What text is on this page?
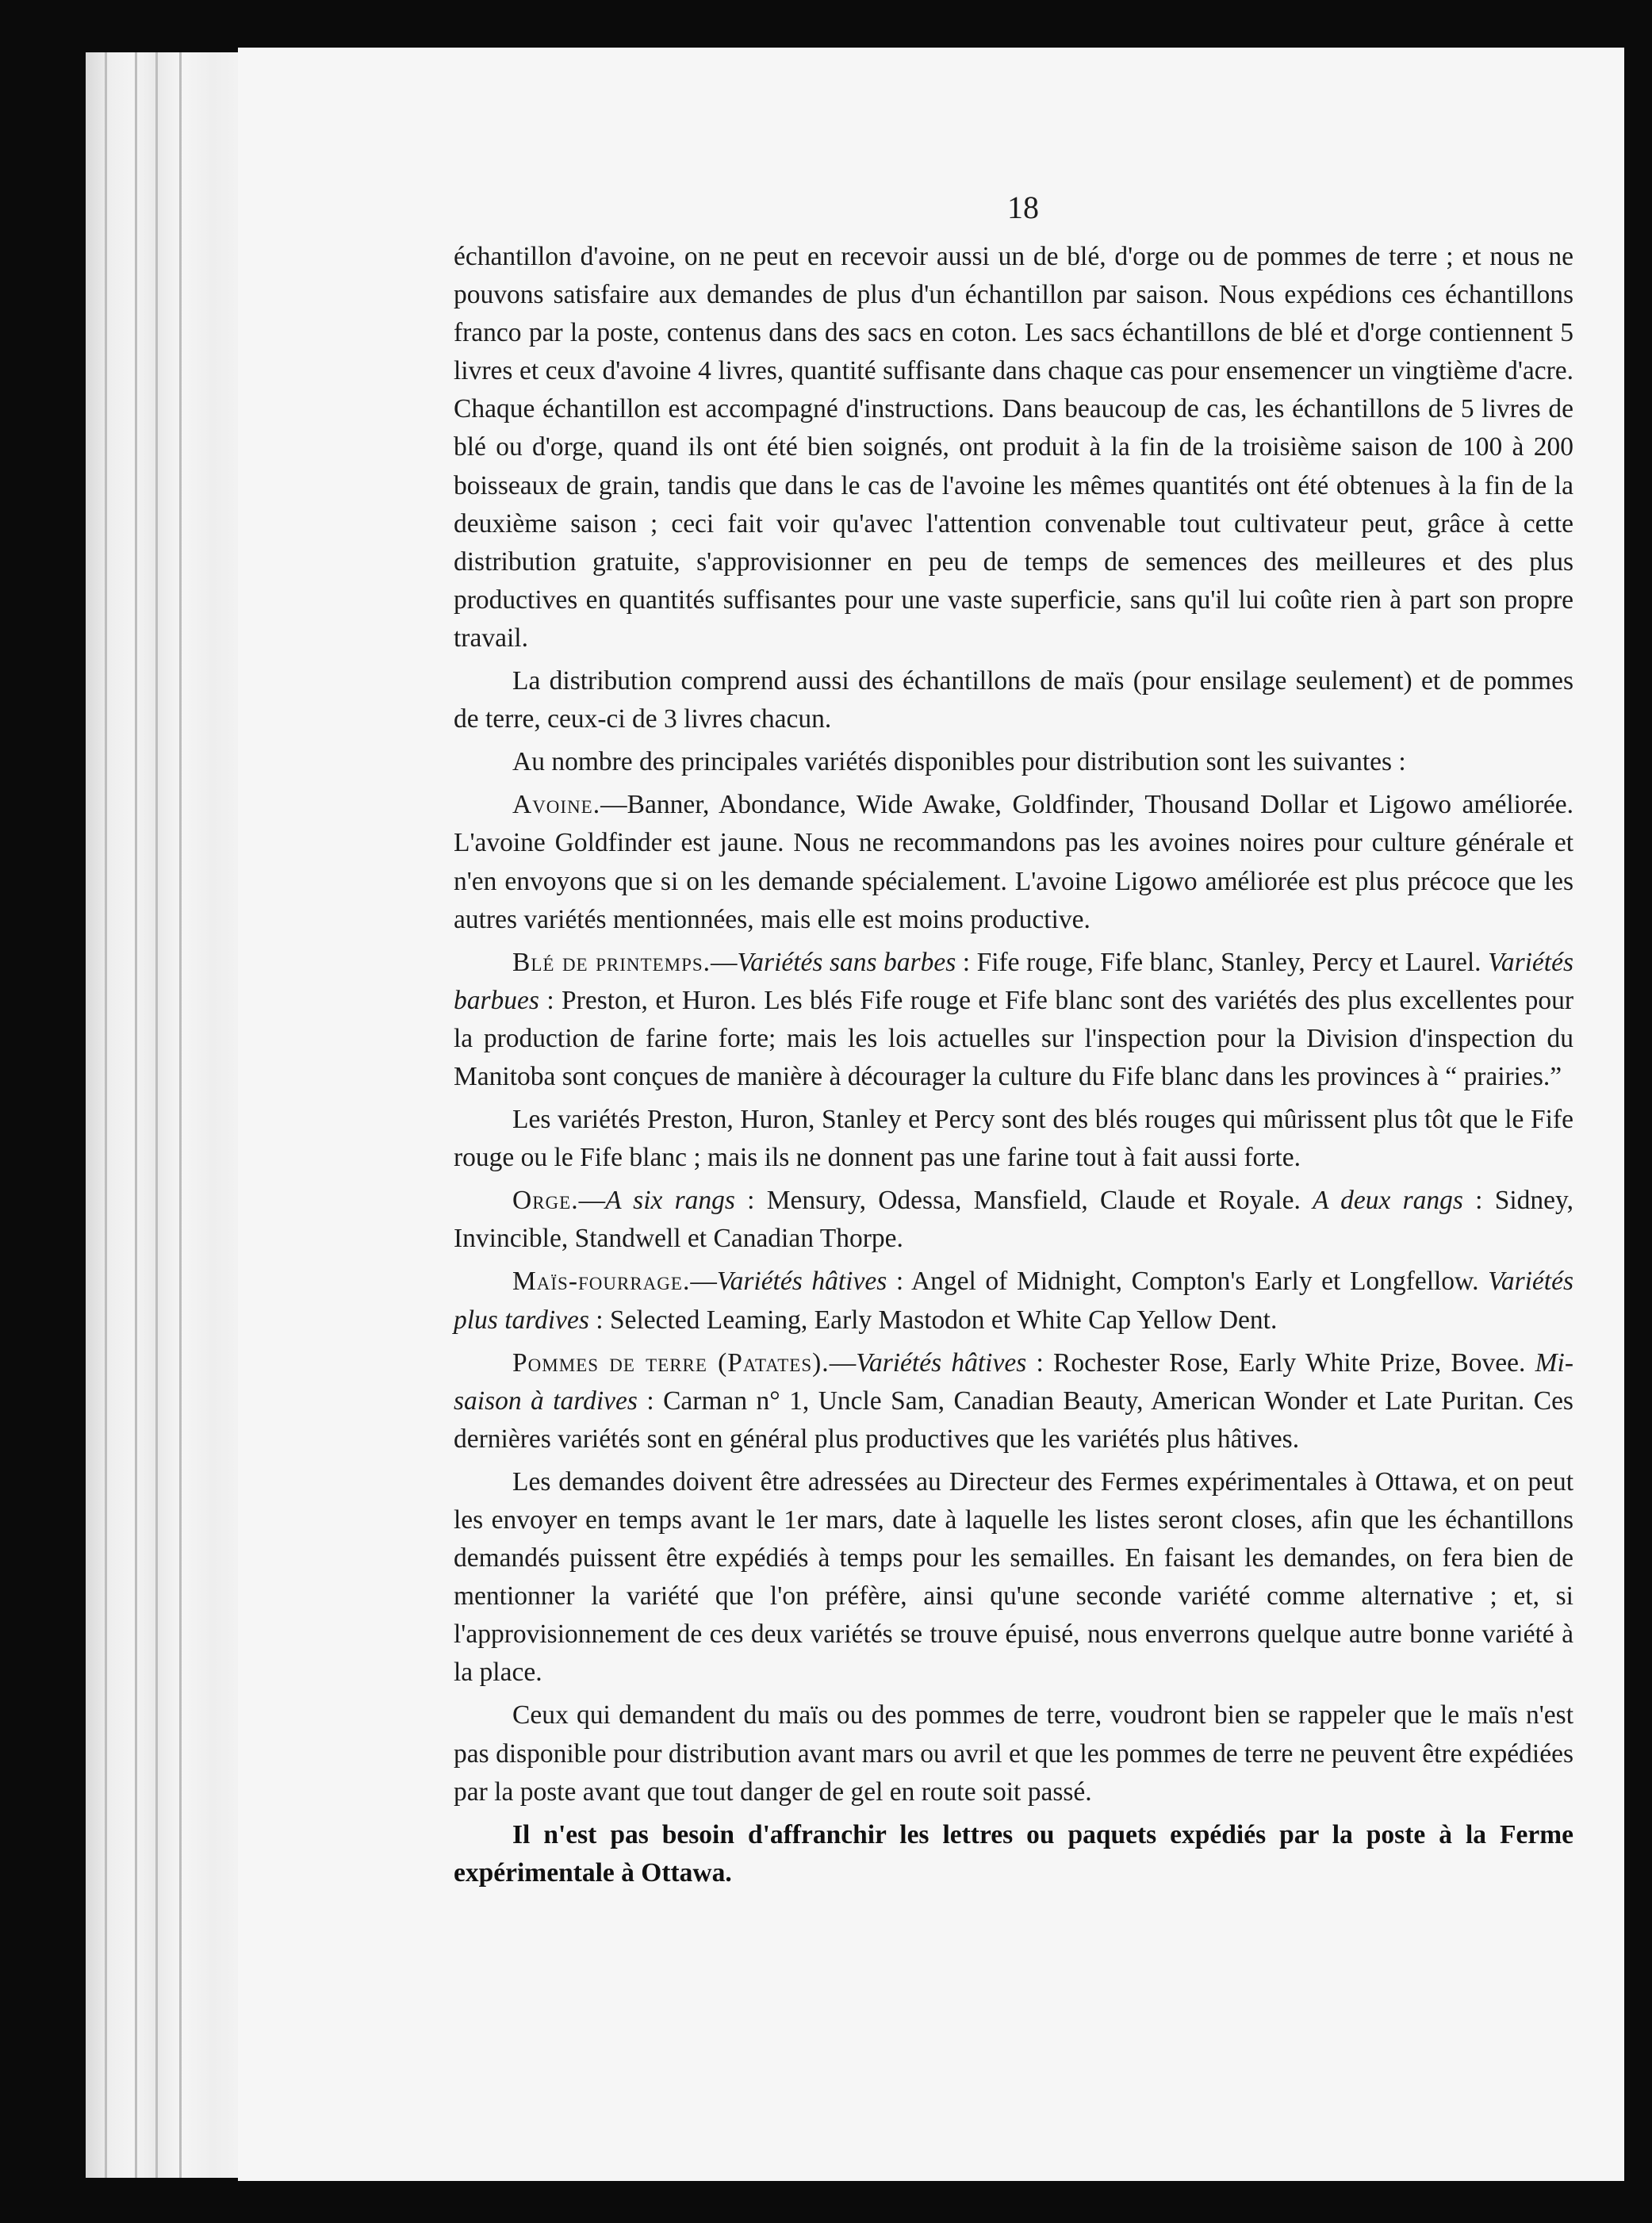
18

échantillon d'avoine, on ne peut en recevoir aussi un de blé, d'orge ou de pommes de terre ; et nous ne pouvons satisfaire aux demandes de plus d'un échantillon par saison. Nous expédions ces échantillons franco par la poste, contenus dans des sacs en coton. Les sacs échantillons de blé et d'orge contiennent 5 livres et ceux d'avoine 4 livres, quantité suffisante dans chaque cas pour ensemencer un vingtième d'acre. Chaque échantillon est accompagné d'instructions. Dans beaucoup de cas, les échantillons de 5 livres de blé ou d'orge, quand ils ont été bien soignés, ont produit à la fin de la troisième saison de 100 à 200 boisseaux de grain, tandis que dans le cas de l'avoine les mêmes quantités ont été obtenues à la fin de la deuxième saison ; ceci fait voir qu'avec l'attention convenable tout cultivateur peut, grâce à cette distribution gratuite, s'approvisionner en peu de temps de semences des meilleures et des plus productives en quantités suffisantes pour une vaste superficie, sans qu'il lui coûte rien à part son propre travail.

La distribution comprend aussi des échantillons de maïs (pour ensilage seulement) et de pommes de terre, ceux-ci de 3 livres chacun.

Au nombre des principales variétés disponibles pour distribution sont les suivantes :

Avoine.—Banner, Abondance, Wide Awake, Goldfinder, Thousand Dollar et Ligowo améliorée. L'avoine Goldfinder est jaune. Nous ne recommandons pas les avoines noires pour culture générale et n'en envoyons que si on les demande spécialement. L'avoine Ligowo améliorée est plus précoce que les autres variétés mentionnées, mais elle est moins productive.

Blé de printemps.—Variétés sans barbes : Fife rouge, Fife blanc, Stanley, Percy et Laurel. Variétés barbues : Preston, et Huron. Les blés Fife rouge et Fife blanc sont des variétés des plus excellentes pour la production de farine forte; mais les lois actuelles sur l'inspection pour la Division d'inspection du Manitoba sont conçues de manière à décourager la culture du Fife blanc dans les provinces à “ prairies.”

Les variétés Preston, Huron, Stanley et Percy sont des blés rouges qui mûrissent plus tôt que le Fife rouge ou le Fife blanc ; mais ils ne donnent pas une farine tout à fait aussi forte.

Orge.—A six rangs : Mensury, Odessa, Mansfield, Claude et Royale. A deux rangs : Sidney, Invincible, Standwell et Canadian Thorpe.

Maïs-fourrage.—Variétés hâtives : Angel of Midnight, Compton's Early et Longfellow. Variétés plus tardives : Selected Leaming, Early Mastodon et White Cap Yellow Dent.

Pommes de terre (Patates).—Variétés hâtives : Rochester Rose, Early White Prize, Bovee. Mi-saison à tardives : Carman n° 1, Uncle Sam, Canadian Beauty, American Wonder et Late Puritan. Ces dernières variétés sont en général plus productives que les variétés plus hâtives.

Les demandes doivent être adressées au Directeur des Fermes expérimentales à Ottawa, et on peut les envoyer en temps avant le 1er mars, date à laquelle les listes seront closes, afin que les échantillons demandés puissent être expédiés à temps pour les semailles. En faisant les demandes, on fera bien de mentionner la variété que l'on préfère, ainsi qu'une seconde variété comme alternative ; et, si l'approvisionnement de ces deux variétés se trouve épuisé, nous enverrons quelque autre bonne variété à la place.

Ceux qui demandent du maïs ou des pommes de terre, voudront bien se rappeler que le maïs n'est pas disponible pour distribution avant mars ou avril et que les pommes de terre ne peuvent être expédiées par la poste avant que tout danger de gel en route soit passé.

Il n'est pas besoin d'affranchir les lettres ou paquets expédiés par la poste à la Ferme expérimentale à Ottawa.
